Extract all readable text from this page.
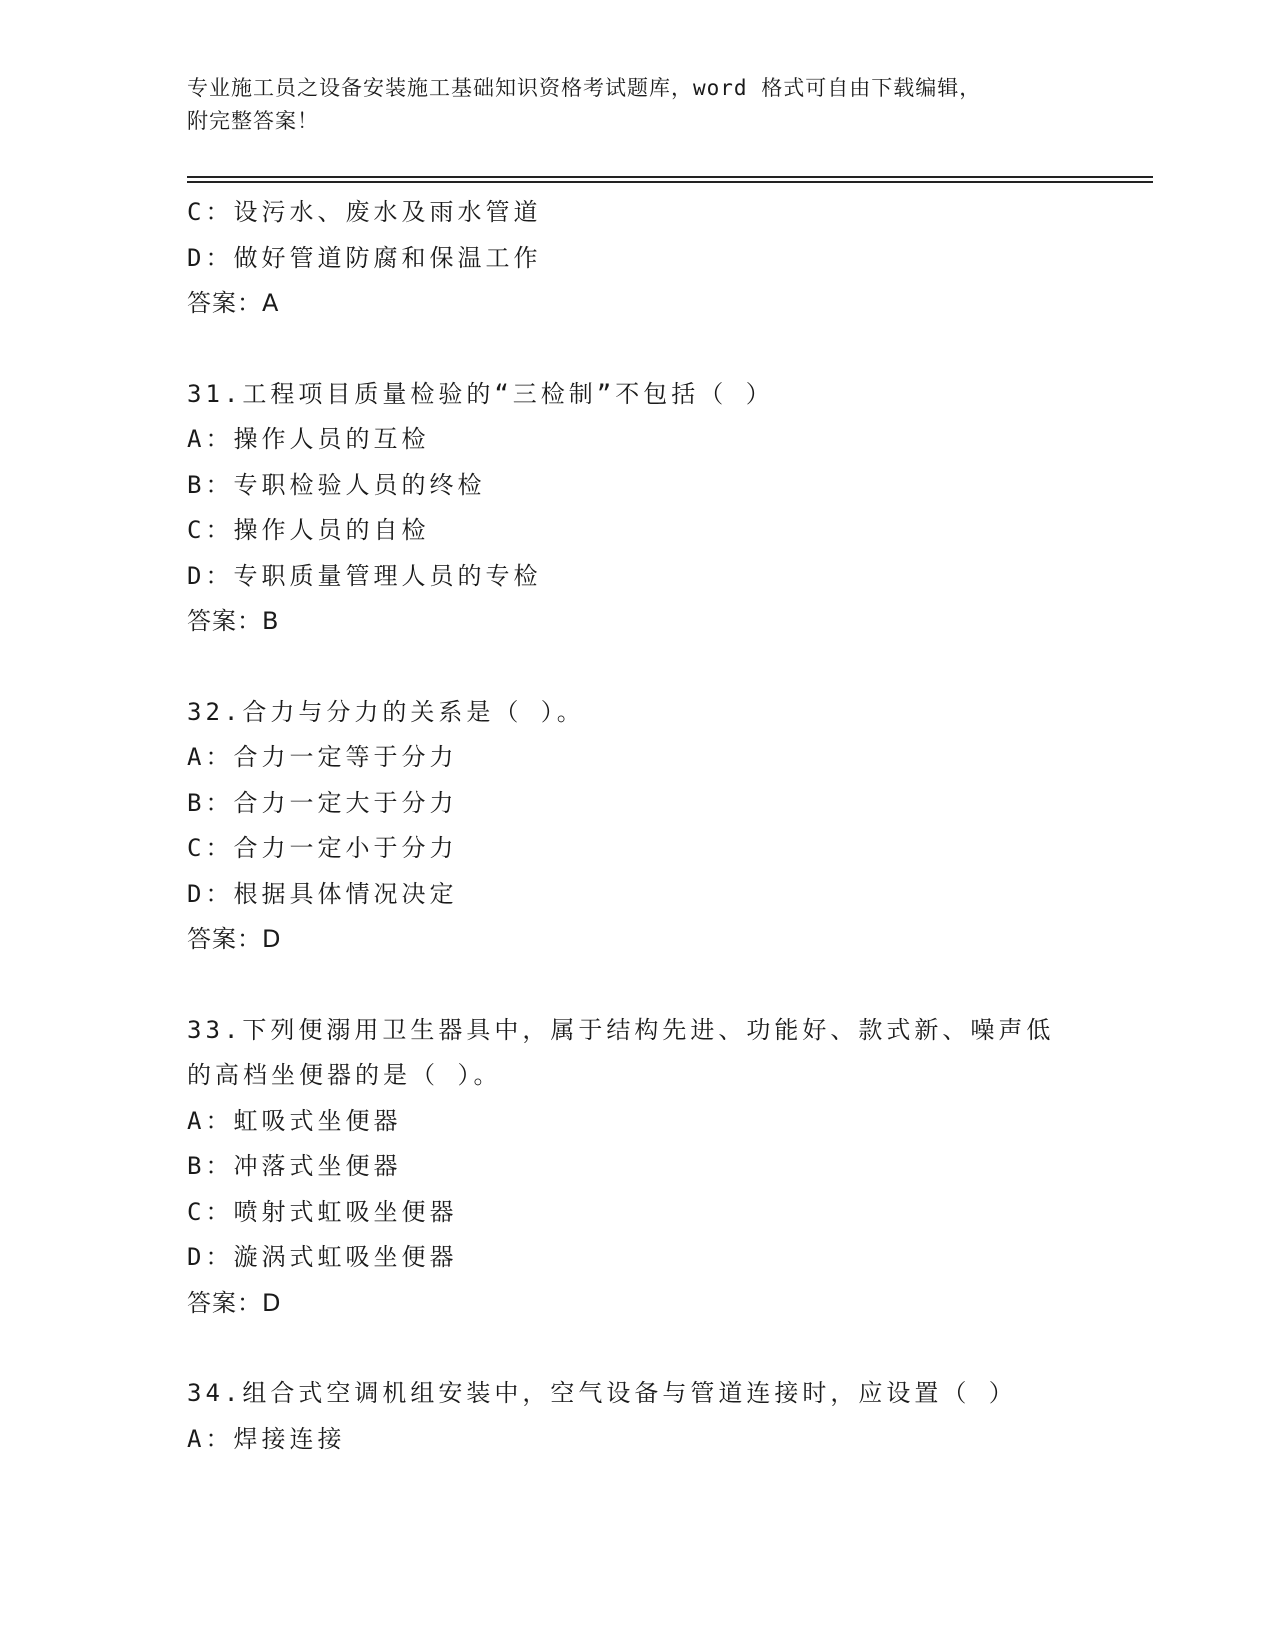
专业施工员之设备安装施工基础知识资格考试题库，word 格式可自由下载编辑，
附完整答案！
C：设污水、废水及雨水管道
D：做好管道防腐和保温工作
答案：A
31.工程项目质量检验的“三检制”不包括（ ）
A：操作人员的互检
B：专职检验人员的终检
C：操作人员的自检
D：专职质量管理人员的专检
答案：B
32.合力与分力的关系是（ ）。
A：合力一定等于分力
B：合力一定大于分力
C：合力一定小于分力
D：根据具体情况决定
答案：D
33.下列便溺用卫生器具中，属于结构先进、功能好、款式新、噪声低
的高档坐便器的是（ ）。
A：虹吸式坐便器
B：冲落式坐便器
C：喷射式虹吸坐便器
D：漩涡式虹吸坐便器
答案：D
34.组合式空调机组安装中，空气设备与管道连接时，应设置（ ）
A：焊接连接
